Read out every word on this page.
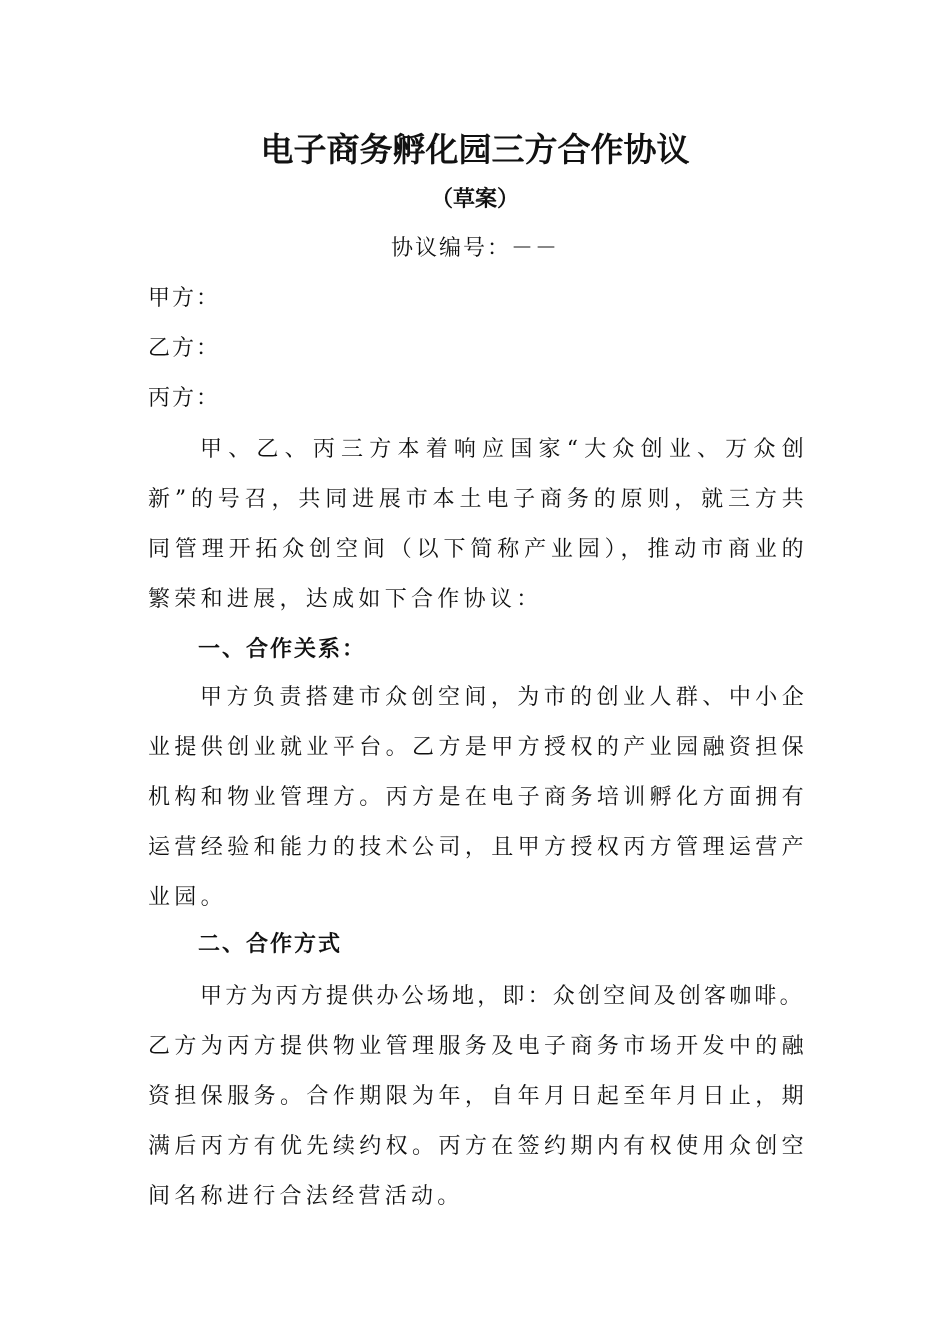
电子商务孵化园三方合作协议
（草案）
协议编号：－－
甲方：
乙方：
丙方：

甲、乙、丙三方本着响应国家“大众创业、万众创新”的号召，共同进展市本土电子商务的原则，就三方共同管理开拓众创空间（以下简称产业园），推动市商业的繁荣和进展，达成如下合作协议：

一、合作关系：

甲方负责搭建市众创空间，为市的创业人群、中小企业提供创业就业平台。乙方是甲方授权的产业园融资担保机构和物业管理方。丙方是在电子商务培训孵化方面拥有运营经验和能力的技术公司，且甲方授权丙方管理运营产业园。

二、合作方式

甲方为丙方提供办公场地，即：众创空间及创客咖啡。

乙方为丙方提供物业管理服务及电子商务市场开发中的融资担保服务。合作期限为年，自年月日起至年月日止，期满后丙方有优先续约权。丙方在签约期内有权使用众创空间名称进行合法经营活动。
